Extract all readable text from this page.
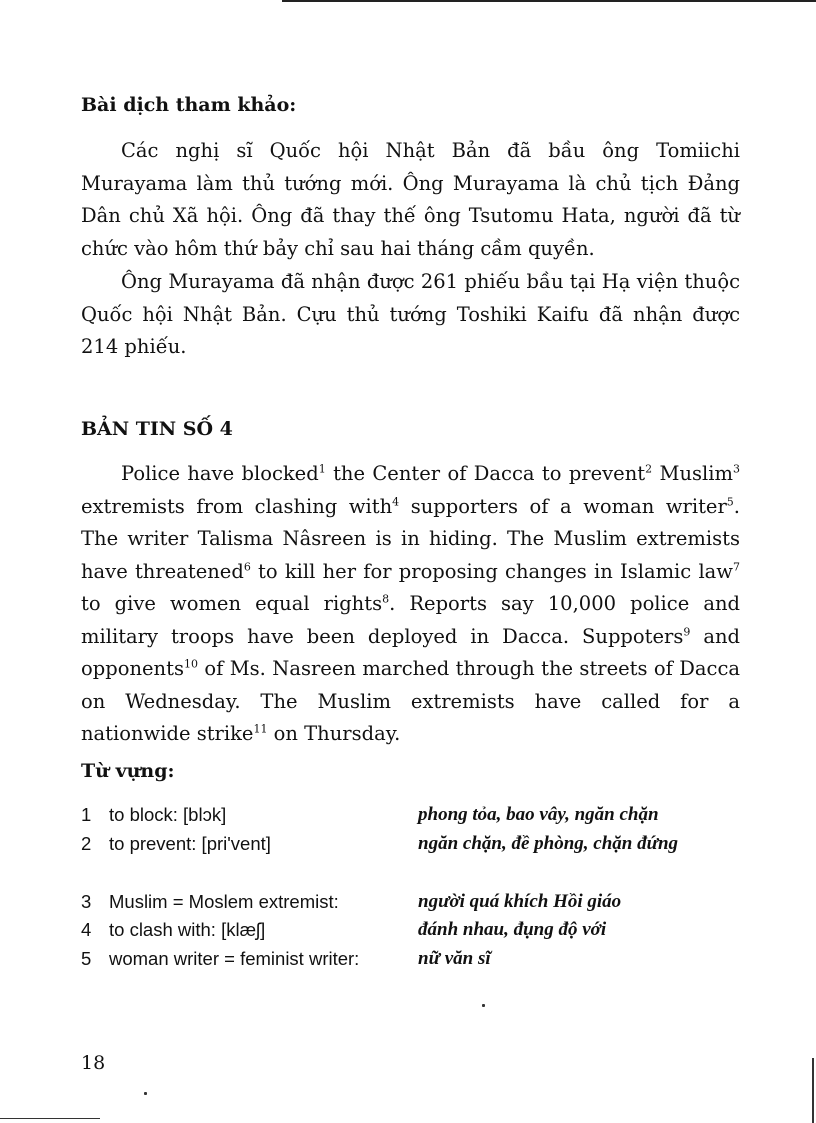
Bài dịch tham khảo:

Các nghị sĩ Quốc hội Nhật Bản đã bầu ông Tomiichi Murayama làm thủ tướng mới. Ông Murayama là chủ tịch Đảng Dân chủ Xã hội. Ông đã thay thế ông Tsutomu Hata, người đã từ chức vào hôm thứ bảy chỉ sau hai tháng cầm quyền.

Ông Murayama đã nhận được 261 phiếu bầu tại Hạ viện thuộc Quốc hội Nhật Bản. Cựu thủ tướng Toshiki Kaifu đã nhận được 214 phiếu.

BẢN TIN SỐ 4

Police have blocked$^1$ the Center of Dacca to prevent$^2$ Muslim$^3$ extremists from clashing with$^4$ supporters of a woman writer$^5$. The writer Talisma Nâsreen is in hiding. The Muslim extremists have threatened$^6$ to kill her for proposing changes in Islamic law$^7$ to give women equal rights$^8$. Reports say 10,000 police and military troops have been deployed in Dacca. Suppoters$^9$ and opponents$^{10}$ of Ms. Nasreen marched through the streets of Dacca on Wednesday. The Muslim extremists have called for a nationwide strike$^{11}$ on Thursday.

Từ vựng:
1 to block: [blɔk]	phong tỏa, bao vây, ngăn chặn
2 to prevent: [pri'vent]	ngăn chặn, đề phòng, chặn đứng
3 Muslim = Moslem extremist:	người quá khích Hồi giáo
4 to clash with: [klæʃ]	đánh nhau, đụng độ với
5 woman writer = feminist writer:	nữ văn sĩ
18
